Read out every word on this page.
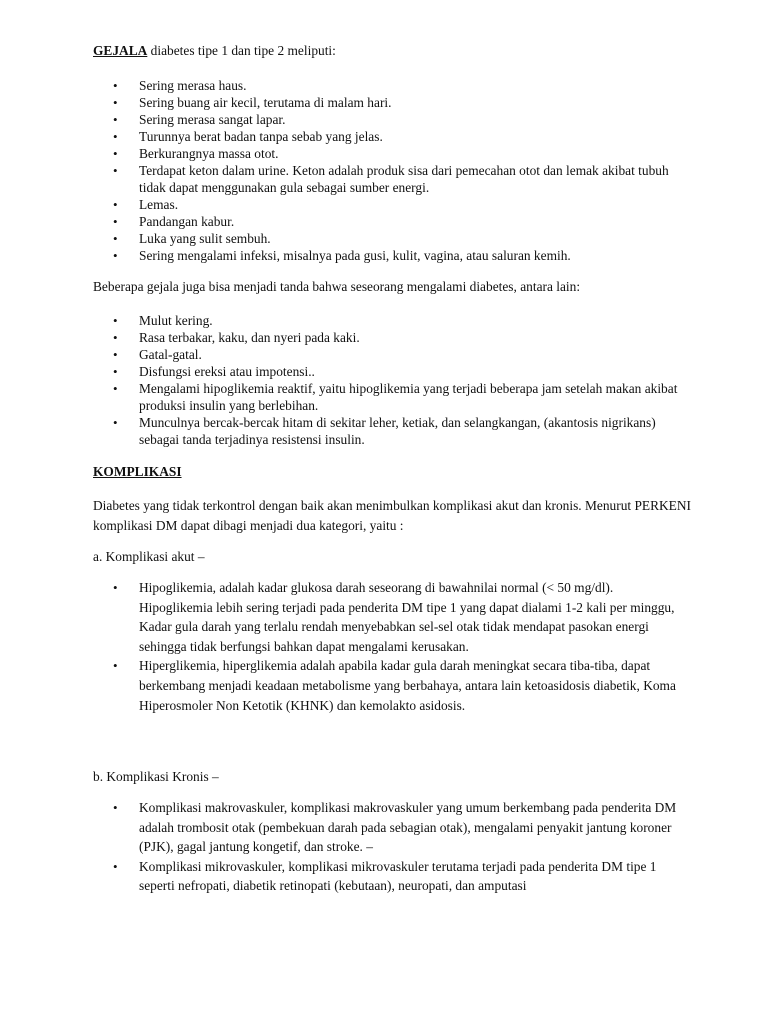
GEJALA diabetes tipe 1 dan tipe 2 meliputi:

• Sering merasa haus.
• Sering buang air kecil, terutama di malam hari.
• Sering merasa sangat lapar.
• Turunnya berat badan tanpa sebab yang jelas.
• Berkurangnya massa otot.
• Terdapat keton dalam urine. Keton adalah produk sisa dari pemecahan otot dan lemak akibat tubuh tidak dapat menggunakan gula sebagai sumber energi.
• Lemas.
• Pandangan kabur.
• Luka yang sulit sembuh.
• Sering mengalami infeksi, misalnya pada gusi, kulit, vagina, atau saluran kemih.

Beberapa gejala juga bisa menjadi tanda bahwa seseorang mengalami diabetes, antara lain:

• Mulut kering.
• Rasa terbakar, kaku, dan nyeri pada kaki.
• Gatal-gatal.
• Disfungsi ereksi atau impotensi..
• Mengalami hipoglikemia reaktif, yaitu hipoglikemia yang terjadi beberapa jam setelah makan akibat produksi insulin yang berlebihan.
• Munculnya bercak-bercak hitam di sekitar leher, ketiak, dan selangkangan, (akantosis nigrikans) sebagai tanda terjadinya resistensi insulin.

KOMPLIKASI

Diabetes yang tidak terkontrol dengan baik akan menimbulkan komplikasi akut dan kronis. Menurut PERKENI komplikasi DM dapat dibagi menjadi dua kategori, yaitu :

a. Komplikasi akut –

• Hipoglikemia, adalah kadar glukosa darah seseorang di bawahnilai normal (< 50 mg/dl). Hipoglikemia lebih sering terjadi pada penderita DM tipe 1 yang dapat dialami 1-2 kali per minggu, Kadar gula darah yang terlalu rendah menyebabkan sel-sel otak tidak mendapat pasokan energi sehingga tidak berfungsi bahkan dapat mengalami kerusakan.
• Hiperglikemia, hiperglikemia adalah apabila kadar gula darah meningkat secara tiba-tiba, dapat berkembang menjadi keadaan metabolisme yang berbahaya, antara lain ketoasidosis diabetik, Koma Hiperosmoler Non Ketotik (KHNK) dan kemolakto asidosis.

b. Komplikasi Kronis –

• Komplikasi makrovaskuler, komplikasi makrovaskuler yang umum berkembang pada penderita DM adalah trombosit otak (pembekuan darah pada sebagian otak), mengalami penyakit jantung koroner (PJK), gagal jantung kongetif, dan stroke. –
• Komplikasi mikrovaskuler, komplikasi mikrovaskuler terutama terjadi pada penderita DM tipe 1 seperti nefropati, diabetik retinopati (kebutaan), neuropati, dan amputasi
